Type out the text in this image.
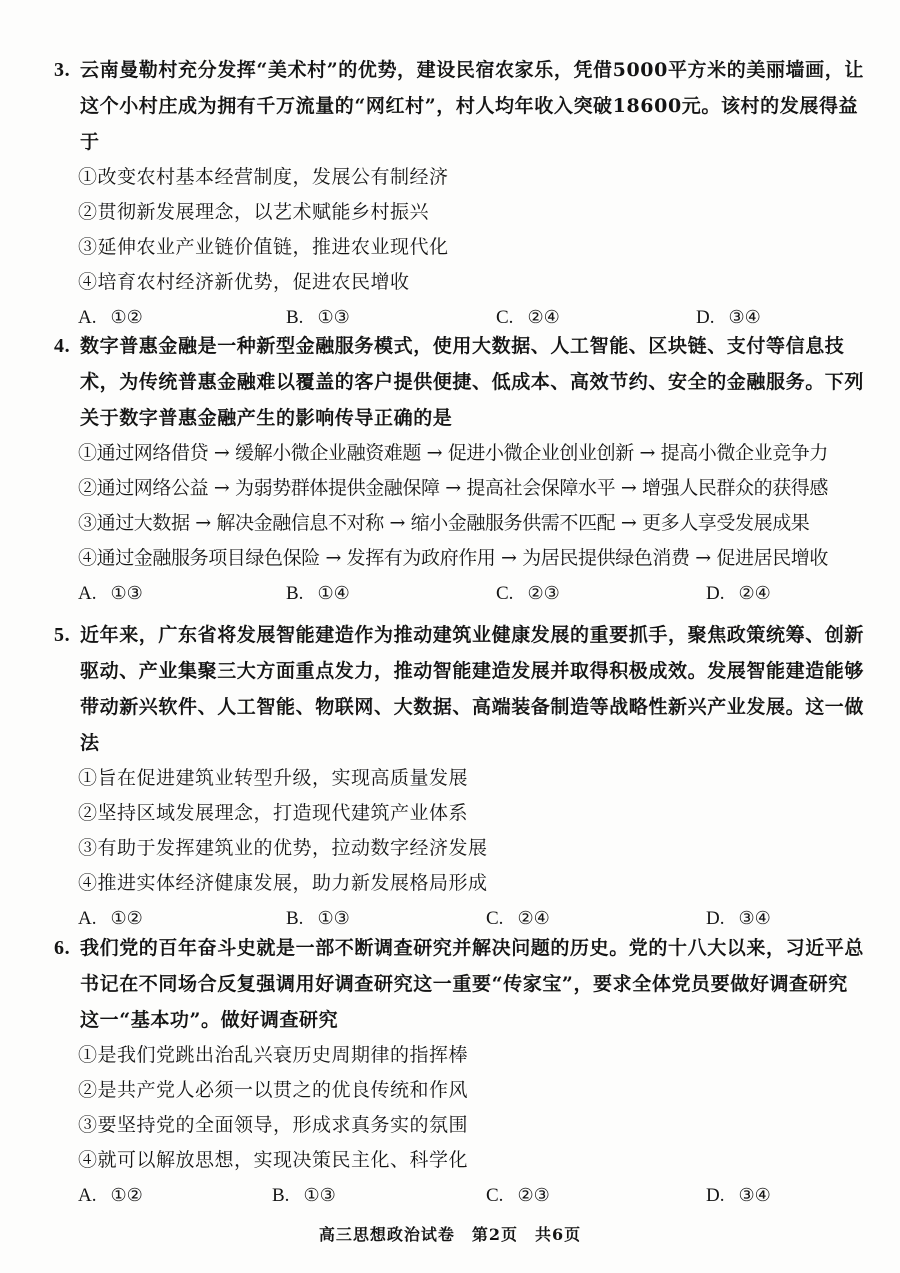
3. 云南曼勒村充分发挥“美术村”的优势，建设民宿农家乐，凭借5000平方米的美丽墙画，让这个小村庄成为拥有千万流量的“网红村”，村人均年收入突破18600元。该村的发展得益于

①改变农村基本经营制度，发展公有制经济

②贯彻新发展理念，以艺术赋能乡村振兴

③延伸农业产业链价值链，推进农业现代化

④培育农村经济新优势，促进农民增收

A. ①②	B. ①③	C. ②④	D. ③④

4. 数字普惠金融是一种新型金融服务模式，使用大数据、人工智能、区块链、支付等信息技术，为传统普惠金融难以覆盖的客户提供便捷、低成本、高效节约、安全的金融服务。下列关于数字普惠金融产生的影响传导正确的是

①通过网络借贷 → 缓解小微企业融资难题 → 促进小微企业创业创新 → 提高小微企业竞争力

②通过网络公益 → 为弱势群体提供金融保障 → 提高社会保障水平 → 增强人民群众的获得感

③通过大数据 → 解决金融信息不对称 → 缩小金融服务供需不匹配 → 更多人享受发展成果

④通过金融服务项目绿色保险 → 发挥有为政府作用 → 为居民提供绿色消费 → 促进居民增收

A. ①③	B. ①④	C. ②③	D. ②④

5. 近年来，广东省将发展智能建造作为推动建筑业健康发展的重要抓手，聚焦政策统筹、创新驱动、产业集聚三大方面重点发力，推动智能建造发展并取得积极成效。发展智能建造能够带动新兴软件、人工智能、物联网、大数据、高端装备制造等战略性新兴产业发展。这一做法

①旨在促进建筑业转型升级，实现高质量发展

②坚持区域发展理念，打造现代建筑产业体系

③有助于发挥建筑业的优势，拉动数字经济发展

④推进实体经济健康发展，助力新发展格局形成

A. ①②	B. ①③	C. ②④	D. ③④

6. 我们党的百年奋斗史就是一部不断调查研究并解决问题的历史。党的十八大以来，习近平总书记在不同场合反复强调用好调查研究这一重要“传家宝”，要求全体党员要做好调查研究这一“基本功”。做好调查研究

①是我们党跳出治乱兴衰历史周期律的指挥棒

②是共产党人必须一以贯之的优良传统和作风

③要坚持党的全面领导，形成求真务实的氛围

④就可以解放思想，实现决策民主化、科学化

A. ①②	B. ①③	C. ②③	D. ③④
高三思想政治试卷　第2页　共6页
